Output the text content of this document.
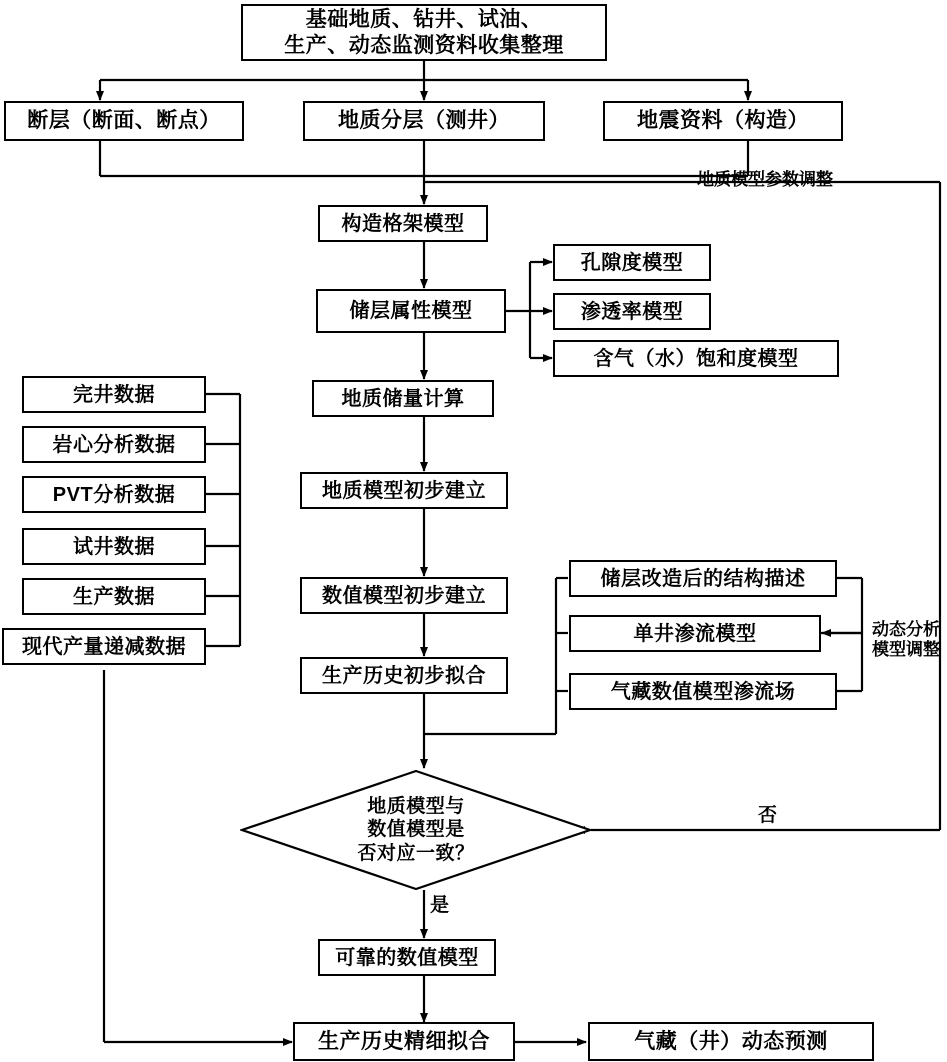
基础地质、钻井、试油、
生产、动态监测资料收集整理
断层（断面、断点）	地质分层（测井）	地震资料（构造）
地质模型参数调整
构造格架模型
储层属性模型
孔隙度模型
渗透率模型
含气（水）饱和度模型
地质储量计算
地质模型初步建立
数值模型初步建立
生产历史初步拟合
储层改造后的结构描述
单井渗流模型
气藏数值模型渗流场
动态分析
模型调整
完井数据
岩心分析数据
PVT分析数据
试井数据
生产数据
现代产量递减数据
地质模型与
数值模型是
否对应一致？
是
否
可靠的数值模型
生产历史精细拟合	气藏（井）动态预测
